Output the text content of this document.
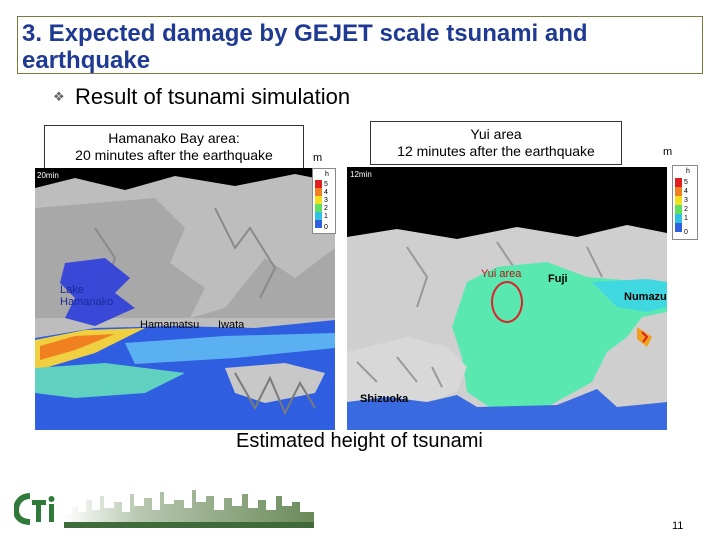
3. Expected damage by GEJET scale tsunami and earthquake
❖ Result of tsunami simulation
Hamanako Bay area:
20 minutes after the earthquake	m
Yui area
12 minutes after the earthquake	m
20min
Lake Hamanako
Hamamatsu Iwata
h
5
4
3
2
1
0
12min
Yui area Fuji
Numazu
Shizuoka
h
5
4
3
2
1
0
Estimated height of tsunami
11
